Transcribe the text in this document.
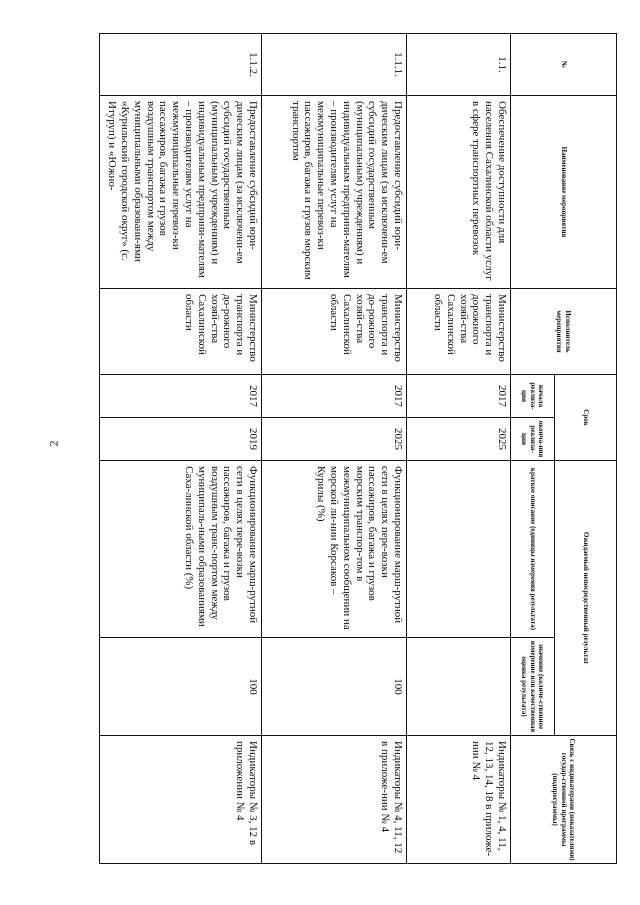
2
№	Наименование мероприятия	Исполнитель мероприятия	Срок		Ожидаемый непосредственный результат		Связь с индикаторами (показателями) государ-ственной программы (подпрограммы)
			начала реализа-ции	оконча-ния реализа-ции	краткое описание (единицы измерения результата)	значение (количе-ственное измерение или качественная оценка результата)	
1.1.	Обеспечение доступности для населения Сахалинской области услуг в сфере транспортных перевозок	Министерство транспорта и дорожного хозяй-ства Сахалинской области	2017	2025			Индикаторы № 1, 4, 11, 12, 13, 14, 18 в приложе-нии № 4
1.1.1.	Предоставление субсидий юри-дическим лицам (за исключени-ем субсидий государственным (муниципальным) учреждениям) и индивидуальным предприни-мателям – производителям услуг на межмуниципальные перевоз-ки пассажиров, багажа и грузов морским транспортом	Министерство транспорта и до-рожного хозяй-ства Сахалинской области	2017	2025	Функционирование марш-рутной сети в целях пере-возки пассажиров, багажа и грузов морским транспор-том в межмуниципальном сообщении на морской ли-нии Корсаков – Курилы (%)	100	Индикаторы № 4, 11, 12 в приложе-нии № 4
1.1.2.	Предоставление субсидий юри-дическим лицам (за исключени-ем субсидий государственным (муниципальным) учреждениям) и индивидуальным предприни-мателям – производителям услуг на межмуниципальные перевоз-ки пассажиров, багажа и грузов воздушным транспортом между муниципальными образовани-ями «Курильский городской округ» (с. Итуруп) и «Южно-	Министерство транспорта и до-рожного хозяй-ства Сахалинской области	2017	2019	Функционирование марш-рутной сети в целях пере-возки пассажиров, багажа и грузов воздушным транс-портом между муниципаль-ными образованиями Саха-линской области (%)	100	Индикаторы № 3, 12 в приложении № 4
